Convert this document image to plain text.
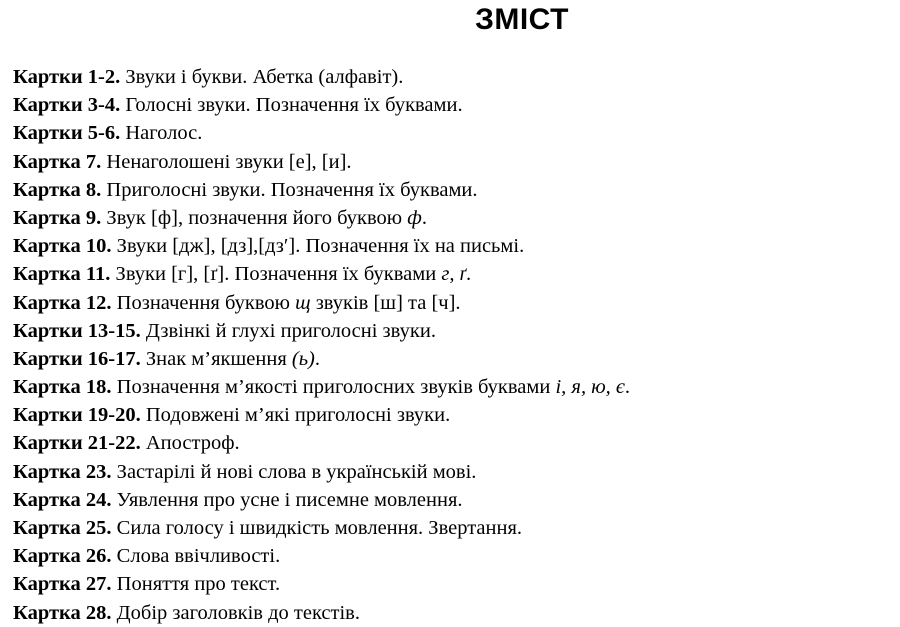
ЗМІСТ
Картки 1-2. Звуки і букви. Абетка (алфавіт).
Картки 3-4. Голосні звуки. Позначення їх буквами.
Картки 5-6. Наголос.
Картка 7. Ненаголошені звуки [е], [и].
Картка 8. Приголосні звуки. Позначення їх буквами.
Картка 9. Звук [ф], позначення його буквою ф.
Картка 10. Звуки [дж], [дз],[дз′]. Позначення їх на письмі.
Картка 11. Звуки [г], [ґ]. Позначення їх буквами г, ґ.
Картка 12. Позначення буквою щ звуків [ш] та [ч].
Картки 13-15. Дзвінкі й глухі приголосні звуки.
Картки 16-17. Знак м’якшення (ь).
Картка 18. Позначення м’якості приголосних звуків буквами і, я, ю, є.
Картки 19-20. Подовжені м’які приголосні звуки.
Картки 21-22. Апостроф.
Картка 23. Застарілі й нові слова в українській мові.
Картка 24. Уявлення про усне і писемне мовлення.
Картка 25. Сила голосу і швидкість мовлення. Звертання.
Картка 26. Слова ввічливості.
Картка 27. Поняття про текст.
Картка 28. Добір заголовків до текстів.
